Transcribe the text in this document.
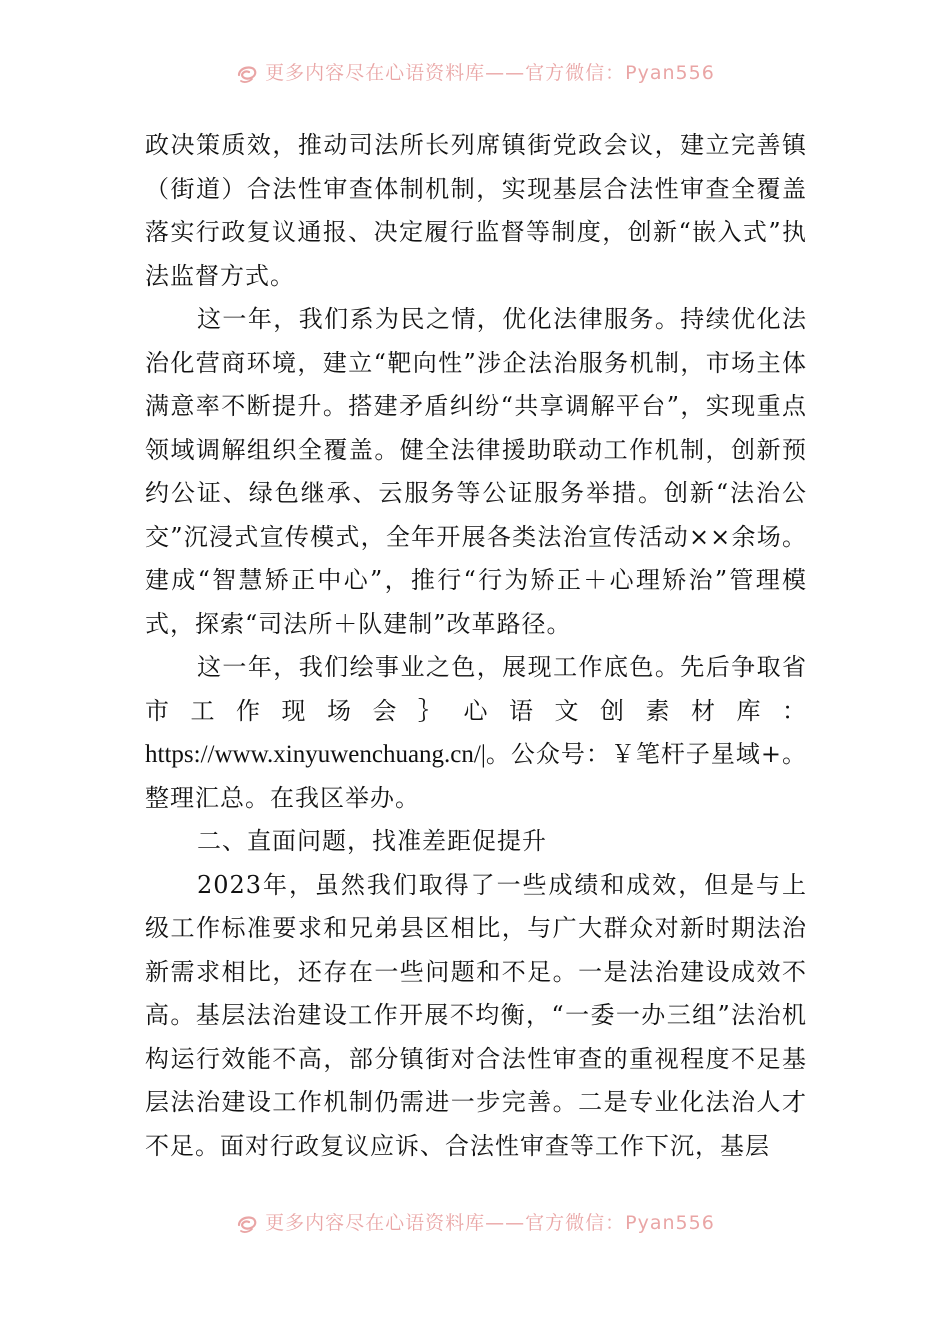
更多内容尽在心语资料库——官方微信：Pyan556

政决策质效，推动司法所长列席镇街党政会议，建立完善镇（街道）合法性审查体制机制，实现基层合法性审查全覆盖落实行政复议通报、决定履行监督等制度，创新“嵌入式”执法监督方式。

这一年，我们系为民之情，优化法律服务。持续优化法治化营商环境，建立“靶向性”涉企法治服务机制，市场主体满意率不断提升。搭建矛盾纠纷“共享调解平台”，实现重点领域调解组织全覆盖。健全法律援助联动工作机制，创新预约公证、绿色继承、云服务等公证服务举措。创新“法治公交”沉浸式宣传模式，全年开展各类法治宣传活动××余场。建成“智慧矫正中心”，推行“行为矫正＋心理矫治”管理模式，探索“司法所＋队建制”改革路径。

这一年，我们绘事业之色，展现工作底色。先后争取省市工作现场会｝心语文创素材库：https://www.xinyuwenchuang.cn/|。公众号：￥笔杆子星域+。整理汇总。在我区举办。

二、直面问题，找准差距促提升

2023年，虽然我们取得了一些成绩和成效，但是与上级工作标准要求和兄弟县区相比，与广大群众对新时期法治新需求相比，还存在一些问题和不足。一是法治建设成效不高。基层法治建设工作开展不均衡，“一委一办三组”法治机构运行效能不高，部分镇街对合法性审查的重视程度不足基层法治建设工作机制仍需进一步完善。二是专业化法治人才不足。面对行政复议应诉、合法性审查等工作下沉，基层

更多内容尽在心语资料库——官方微信：Pyan556
